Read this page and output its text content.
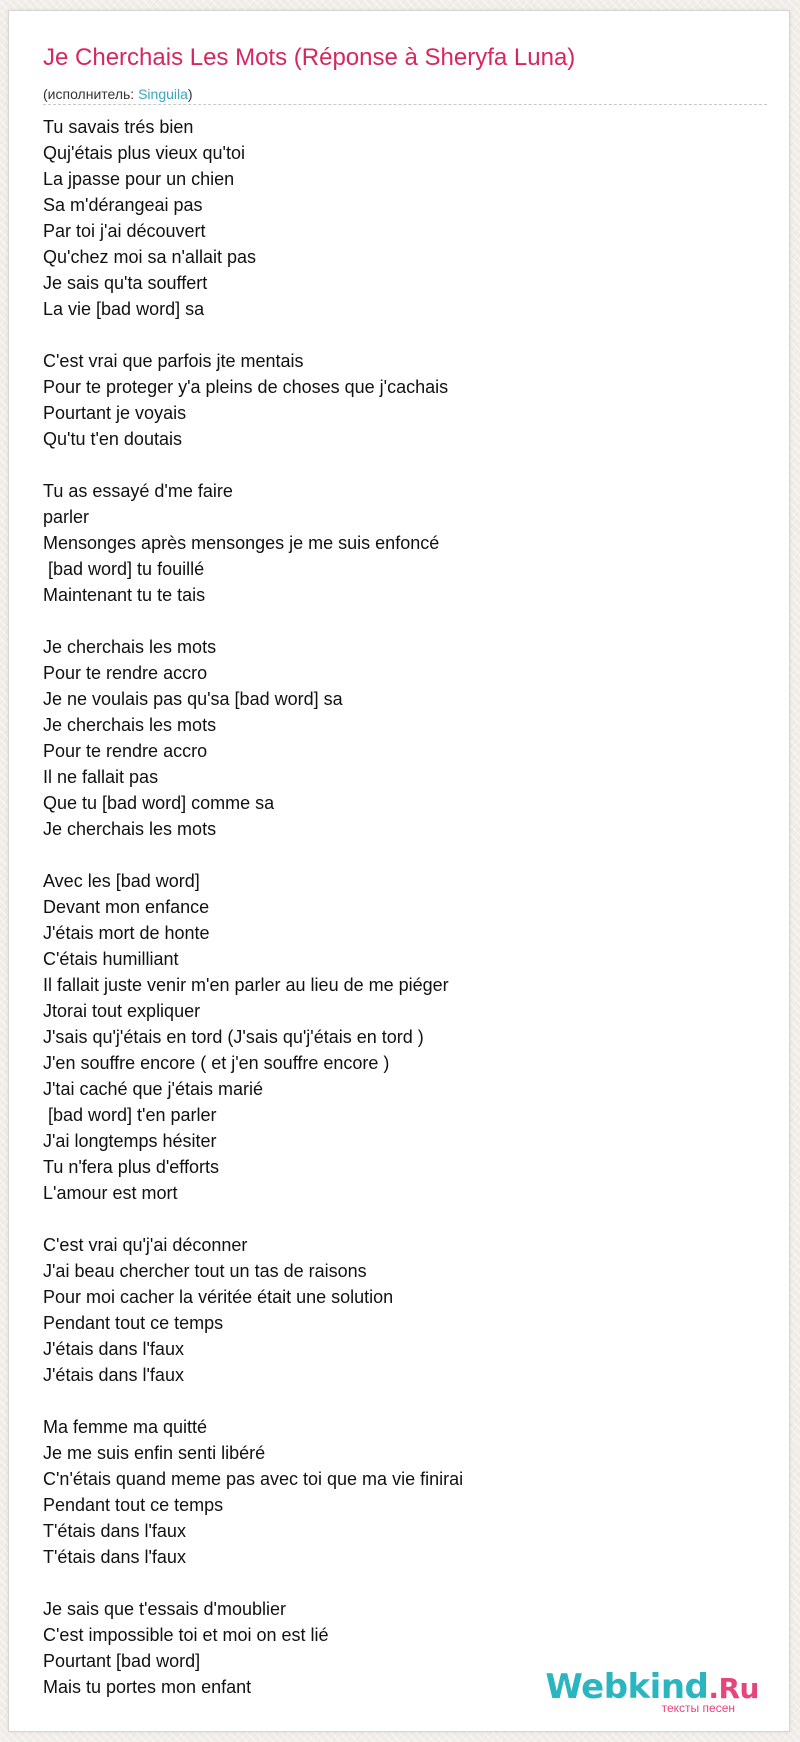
Je Cherchais Les Mots (Réponse à Sheryfa Luna)
(исполнитель: Singuila)
Tu savais trés bien
Quj'étais plus vieux qu'toi
La jpasse pour un chien
Sa m'dérangeai pas
Par toi j'ai découvert
Qu'chez moi sa n'allait pas
Je sais qu'ta souffert
La vie [bad word] sa
C'est vrai que parfois jte mentais
Pour te proteger y'a pleins de choses que j'cachais
Pourtant je voyais
Qu'tu t'en doutais
Tu as essayé d'me faire
parler
Mensonges après mensonges je me suis enfoncé
[bad word] tu fouillé
Maintenant tu te tais
Je cherchais les mots
Pour te rendre accro
Je ne voulais pas qu'sa [bad word] sa
Je cherchais les mots
Pour te rendre accro
Il ne fallait pas
Que tu [bad word] comme sa
Je cherchais les mots
Avec les [bad word]
Devant mon enfance
J'étais mort de honte
C'étais humilliant
Il fallait juste venir m'en parler au lieu de me piéger
Jtorai tout expliquer
J'sais qu'j'étais en tord (J'sais qu'j'étais en tord )
J'en souffre encore ( et j'en souffre encore )
J'tai caché que j'étais marié
[bad word] t'en parler
J'ai longtemps hésiter
Tu n'fera plus d'efforts
L'amour est mort
C'est vrai qu'j'ai déconner
J'ai beau chercher tout un tas de raisons
Pour moi cacher la véritée était une solution
Pendant tout ce temps
J'étais dans l'faux
J'étais dans l'faux
Ma femme ma quitté
Je me suis enfin senti libéré
C'n'étais quand meme pas avec toi que ma vie finirai
Pendant tout ce temps
T'étais dans l'faux
T'étais dans l'faux
Je sais que t'essais d'moublier
C'est impossible toi et moi on est lié
Pourtant [bad word]
Mais tu portes mon enfant	Webkind.Ru
тексты песен
